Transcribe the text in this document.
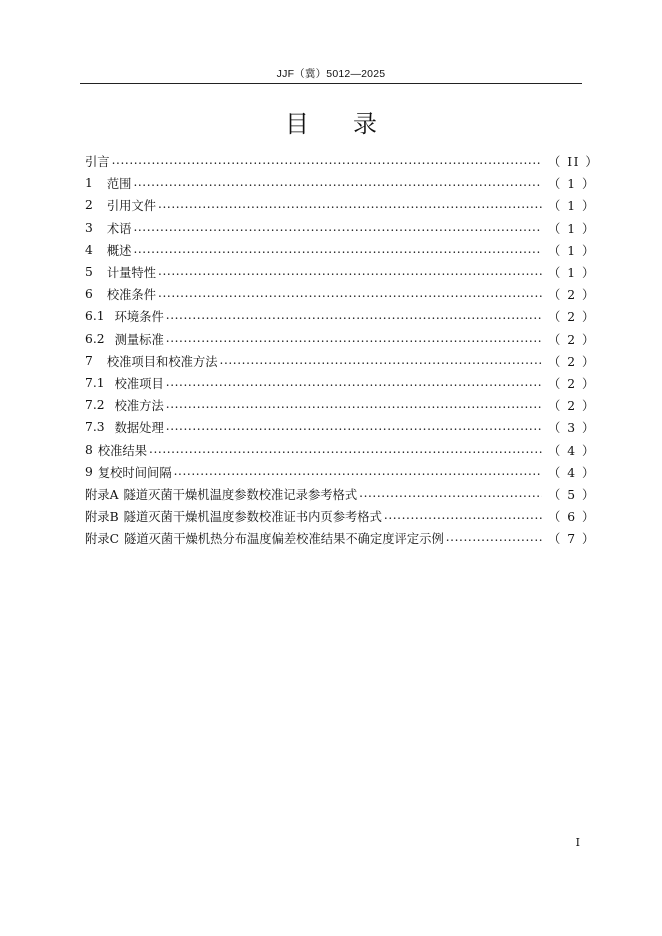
JJF（冀）5012—2025
目录
引言 . . .	（ II ）
1 范围 . . .	（ 1 ）
2 引用文件 . . .	（ 1 ）
3 术语 . . .	（ 1 ）
4 概述 . . .	（ 1 ）
5 计量特性 . . .	（ 1 ）
6 校准条件 . . .	（ 2 ）
6.1 环境条件 . . .	（ 2 ）
6.2 测量标准 . . .	（ 2 ）
7 校准项目和校准方法 . . .	（ 2 ）
7.1 校准项目 . . .	（ 2 ）
7.2 校准方法 . . .	（ 2 ）
7.3 数据处理 . . .	（ 3 ）
8 校准结果 . . .	（ 4 ）
9 复校时间间隔 . . .	（ 4 ）
附录A 隧道灭菌干燥机温度参数校准记录参考格式 . . .	（ 5 ）
附录B 隧道灭菌干燥机温度参数校准证书内页参考格式 . . .	（ 6 ）
附录C 隧道灭菌干燥机热分布温度偏差校准结果不确定度评定示例 . . .	（ 7 ）
I
